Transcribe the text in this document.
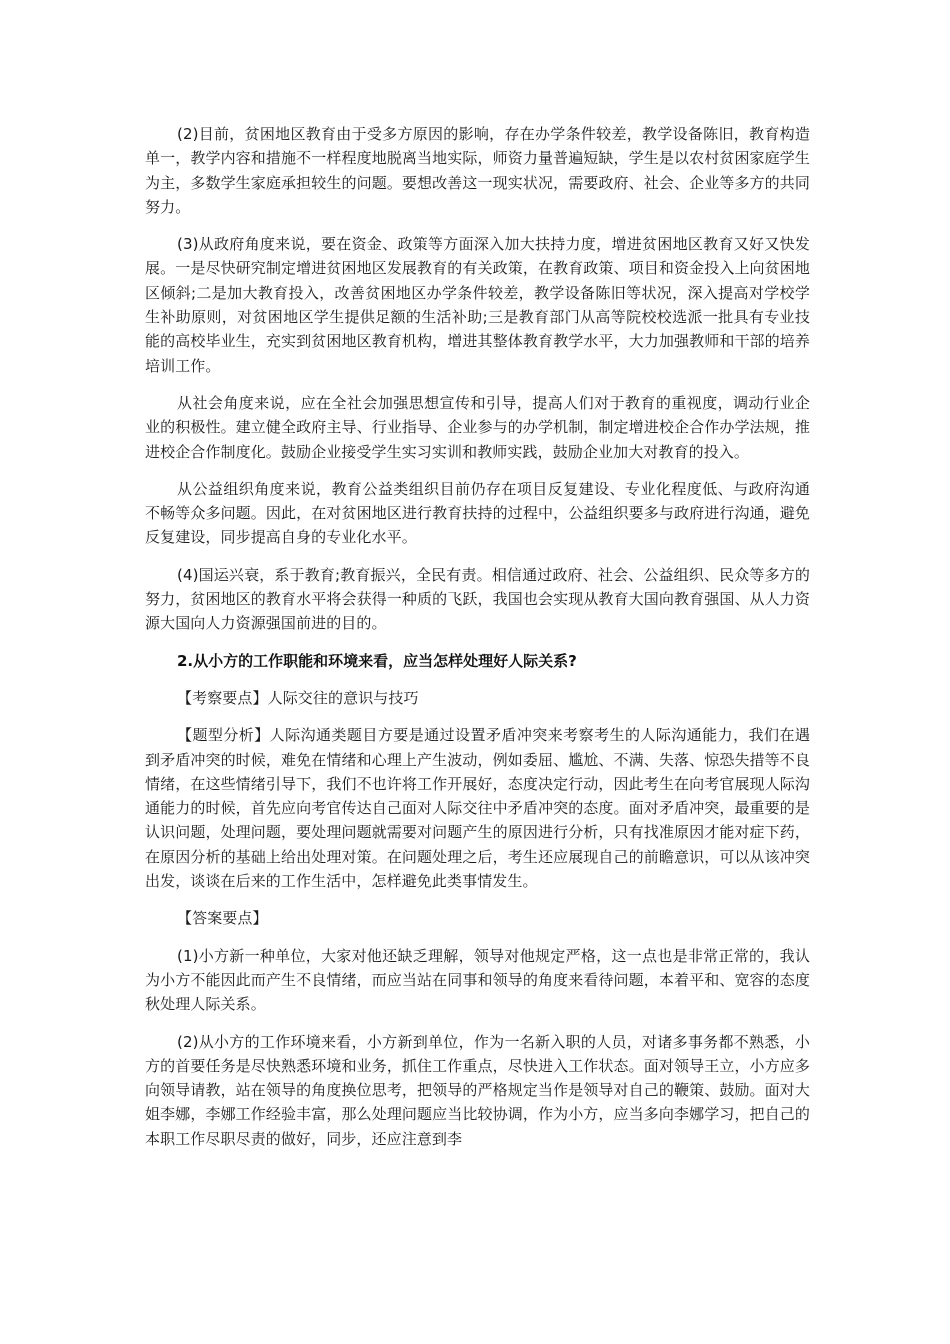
(2)目前，贫困地区教育由于受多方原因的影响，存在办学条件较差，教学设备陈旧，教育构造单一，教学内容和措施不一样程度地脱离当地实际，师资力量普遍短缺，学生是以农村贫困家庭学生为主，多数学生家庭承担较生的问题。要想改善这一现实状况，需要政府、社会、企业等多方的共同努力。

(3)从政府角度来说，要在资金、政策等方面深入加大扶持力度，增进贫困地区教育又好又快发展。一是尽快研究制定增进贫困地区发展教育的有关政策，在教育政策、项目和资金投入上向贫困地区倾斜;二是加大教育投入，改善贫困地区办学条件较差，教学设备陈旧等状况，深入提高对学校学生补助原则，对贫困地区学生提供足额的生活补助;三是教育部门从高等院校校选派一批具有专业技能的高校毕业生，充实到贫困地区教育机构，增进其整体教育教学水平，大力加强教师和干部的培养培训工作。

从社会角度来说，应在全社会加强思想宣传和引导，提高人们对于教育的重视度，调动行业企业的积极性。建立健全政府主导、行业指导、企业参与的办学机制，制定增进校企合作办学法规，推进校企合作制度化。鼓励企业接受学生实习实训和教师实践，鼓励企业加大对教育的投入。

从公益组织角度来说，教育公益类组织目前仍存在项目反复建设、专业化程度低、与政府沟通不畅等众多问题。因此，在对贫困地区进行教育扶持的过程中，公益组织要多与政府进行沟通，避免反复建设，同步提高自身的专业化水平。

(4)国运兴衰，系于教育;教育振兴，全民有责。相信通过政府、社会、公益组织、民众等多方的努力，贫困地区的教育水平将会获得一种质的飞跃，我国也会实现从教育大国向教育强国、从人力资源大国向人力资源强国前进的目的。

2.从小方的工作职能和环境来看，应当怎样处理好人际关系?

【考察要点】人际交往的意识与技巧

【题型分析】人际沟通类题目方要是通过设置矛盾冲突来考察考生的人际沟通能力，我们在遇到矛盾冲突的时候，难免在情绪和心理上产生波动，例如委屈、尴尬、不满、失落、惊恐失措等不良情绪，在这些情绪引导下，我们不也许将工作开展好，态度决定行动，因此考生在向考官展现人际沟通能力的时候，首先应向考官传达自己面对人际交往中矛盾冲突的态度。面对矛盾冲突，最重要的是认识问题，处理问题，要处理问题就需要对问题产生的原因进行分析，只有找准原因才能对症下药，在原因分析的基础上给出处理对策。在问题处理之后，考生还应展现自己的前瞻意识，可以从该冲突出发，谈谈在后来的工作生活中，怎样避免此类事情发生。

【答案要点】

(1)小方新一种单位，大家对他还缺乏理解，领导对他规定严格，这一点也是非常正常的，我认为小方不能因此而产生不良情绪，而应当站在同事和领导的角度来看待问题，本着平和、宽容的态度秋处理人际关系。

(2)从小方的工作环境来看，小方新到单位，作为一名新入职的人员，对诸多事务都不熟悉，小方的首要任务是尽快熟悉环境和业务，抓住工作重点，尽快进入工作状态。面对领导王立，小方应多向领导请教，站在领导的角度换位思考，把领导的严格规定当作是领导对自己的鞭策、鼓励。面对大姐李娜，李娜工作经验丰富，那么处理问题应当比较协调，作为小方，应当多向李娜学习，把自己的本职工作尽职尽责的做好，同步，还应注意到李
